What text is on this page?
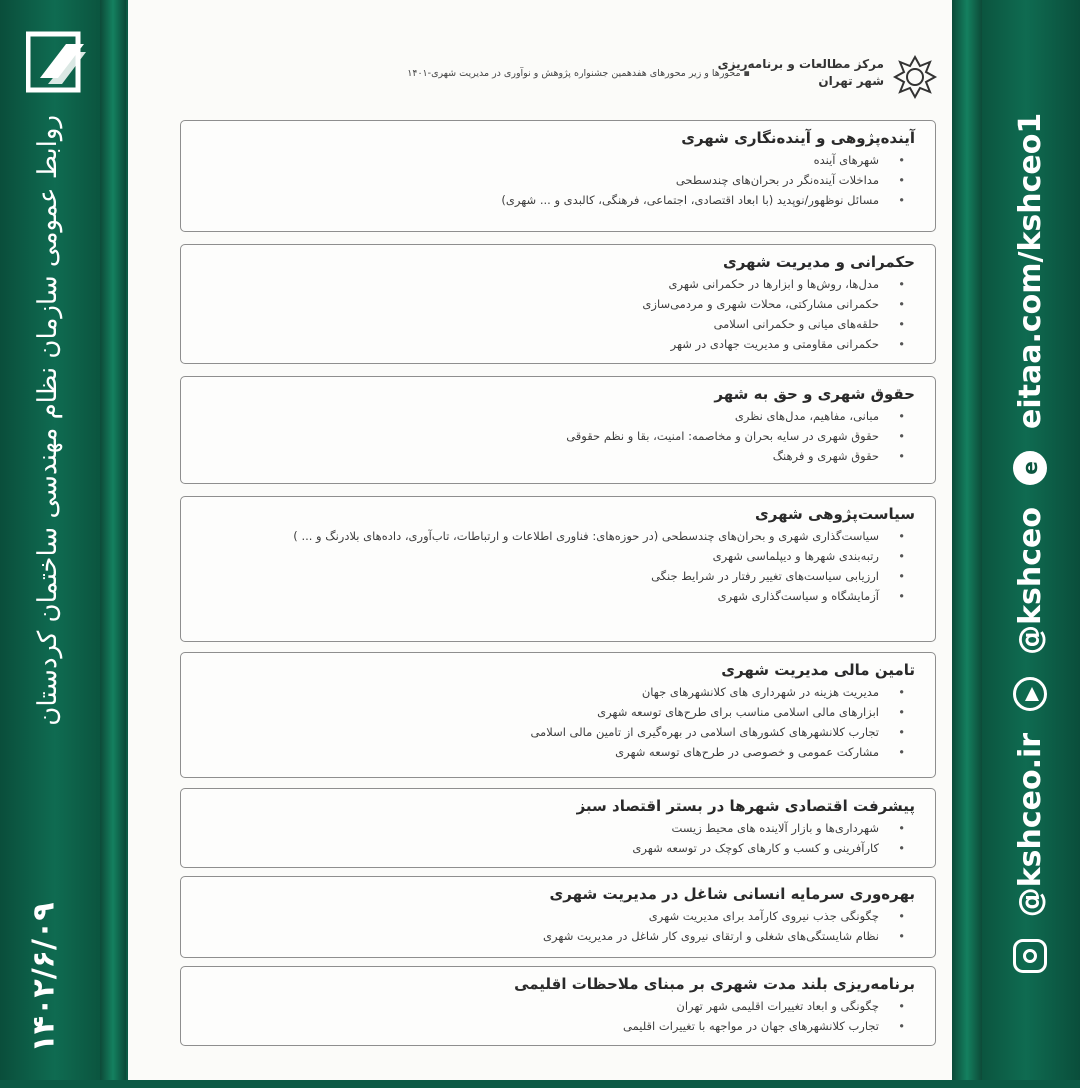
روابط عمومی سازمان نظام مهندسی ساختمان کردستان
۱۴۰۲/۶/۰۹
@kshceo.ir
@kshceo
e
eitaa.com/kshceo1
مرکز مطالعات و برنامه‌ریزی
شهر تهران
▪ محورها و زیر محورهای هفدهمین جشنواره پژوهش و نوآوری در مدیریت شهری-۱۴۰۱
آینده‌پژوهی و آینده‌نگاری شهری
• شهرهای آینده
• مداخلات آینده‌نگر در بحران‌های چندسطحی
• مسائل نوظهور/نوپدید (با ابعاد اقتصادی، اجتماعی، فرهنگی، کالبدی و ... شهری)
حکمرانی و مدیریت شهری
• مدل‌ها، روش‌ها و ابزارها در حکمرانی شهری
• حکمرانی مشارکتی، محلات شهری و مردمی‌سازی
• حلقه‌های میانی و حکمرانی اسلامی
• حکمرانی مقاومتی و مدیریت جهادی در شهر
حقوق شهری و حق به شهر
• مبانی، مفاهیم، مدل‌های نظری
• حقوق شهری در سایه بحران و مخاصمه: امنیت، بقا و نظم حقوقی
• حقوق شهری و فرهنگ
سیاست‌پژوهی شهری
• سیاست‌گذاری شهری و بحران‌های چندسطحی (در حوزه‌های: فناوری اطلاعات و ارتباطات، تاب‌آوری، داده‌های بلادرنگ و ... )
• رتبه‌بندی شهرها و دیپلماسی شهری
• ارزیابی سیاست‌های تغییر رفتار در شرایط جنگی
• آزمایشگاه و سیاست‌گذاری شهری
تامین مالی مدیریت شهری
• مدیریت هزینه در شهرداری های کلانشهرهای جهان
• ابزارهای مالی اسلامی مناسب برای طرح‌های توسعه شهری
• تجارب کلانشهرهای کشورهای اسلامی در بهره‌گیری از تامین مالی اسلامی
• مشارکت عمومی و خصوصی در طرح‌های توسعه شهری
پیشرفت اقتصادی شهرها در بستر اقتصاد سبز
• شهرداری‌ها و بازار آلاینده های محیط زیست
• کارآفرینی و کسب و کارهای کوچک در توسعه شهری
بهره‌وری سرمایه انسانی شاغل در مدیریت شهری
• چگونگی جذب نیروی کارآمد برای مدیریت شهری
• نظام شایستگی‌های شغلی و ارتقای نیروی کار شاغل در مدیریت شهری
برنامه‌ریزی بلند مدت شهری بر مبنای ملاحظات اقلیمی
• چگونگی و ابعاد تغییرات اقلیمی شهر تهران
• تجارب کلانشهرهای جهان در مواجهه با تغییرات اقلیمی
